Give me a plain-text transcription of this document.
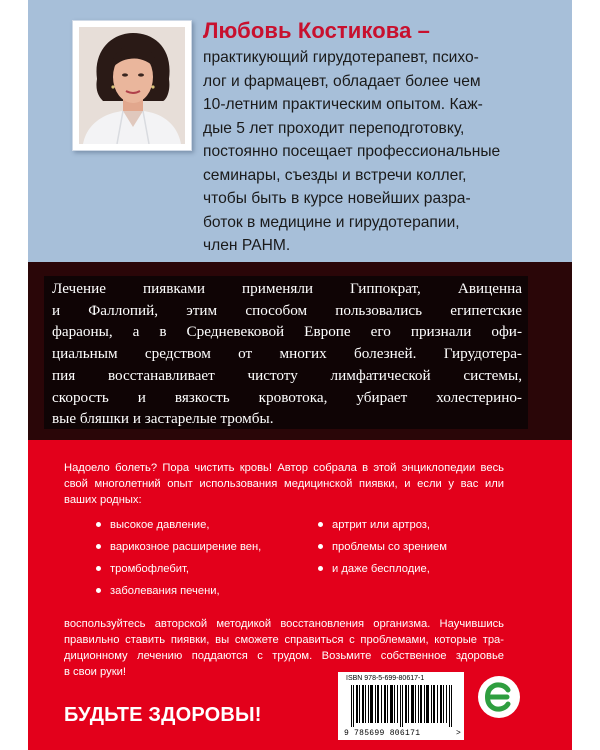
Любовь Костикова –

практикующий гирудотерапевт, психо-
лог и фармацевт, обладает более чем
10-летним практическим опытом. Каж-
дые 5 лет проходит переподготовку,
постоянно посещает профессиональные
семинары, съезды и встречи коллег,
чтобы быть в курсе новейших разра-
боток в медицине и гирудотерапии,
член РАНМ.

Лечение пиявками применяли Гиппократ, Авиценна
и Фаллопий, этим способом пользовались египетские
фараоны, а в Средневековой Европе его признали офи-
циальным средством от многих болезней. Гирудотера-
пия восстанавливает чистоту лимфатической системы,
скорость и вязкость кровотока, убирает холестерино-
вые бляшки и застарелые тромбы.

Надоело болеть? Пора чистить кровь! Автор собрала в этой энциклопедии весь
свой многолетний опыт использования медицинской пиявки, и если у вас или
ваших родных:

высокое давление,
варикозное расширение вен,
тромбофлебит,
заболевания печени,
артрит или артроз,
проблемы со зрением
и даже бесплодие,

воспользуйтесь авторской методикой восстановления организма. Научившись
правильно ставить пиявки, вы сможете справиться с проблемами, которые тра-
диционному лечению поддаются с трудом. Возьмите собственное здоровье
в свои руки!

БУДЬТЕ ЗДОРОВЫ!
ISBN 978-5-699-80617-1
9 785699 806171	>
